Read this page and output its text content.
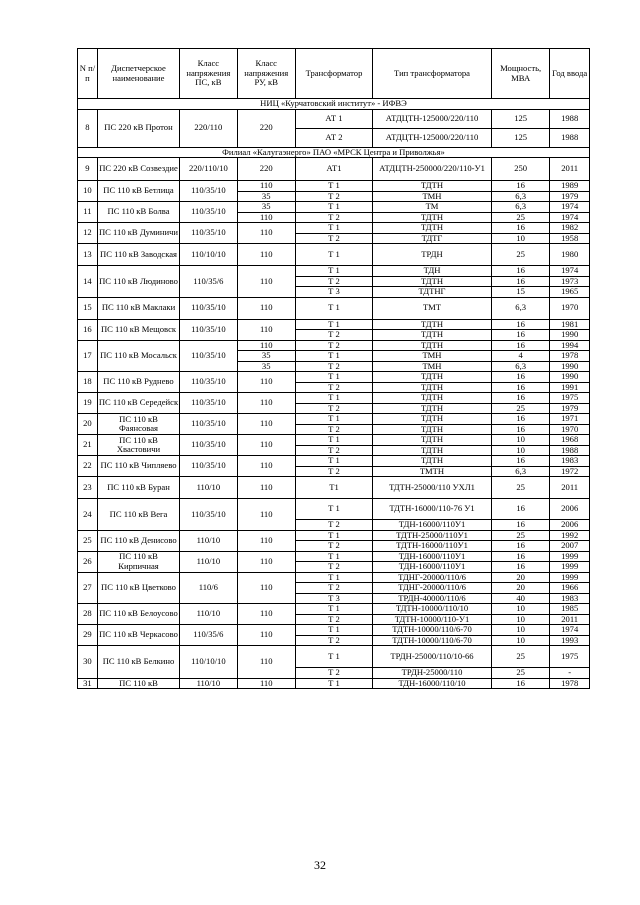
N п/п	Диспетчерское наименование	Класс напряжения ПС, кВ	Класс напряжения РУ, кВ	Трансформатор	Тип трансформатора	Мощность, МВА	Год ввода
НИЦ «Курчатовский институт» - ИФВЭ							
8	ПС 220 кВ Протон	220/110	220	АТ 1	АТДЦТН-125000/220/110	125	1988
				АТ 2	АТДЦТН-125000/220/110	125	1988
Филиал «Калугаэнерго» ПАО «МРСК Центра и Приволжья»							
9	ПС 220 кВ Созвездие	220/110/10	220	АТ1	АТДЦТН-250000/220/110-У1	250	2011
10	ПС 110 кВ Бетлица	110/35/10	110	Т 1	ТДТН	16	1989
			35	Т 2	ТМН	6,3	1979
11	ПС 110 кВ Болва	110/35/10	35	Т 1	ТМ	6,3	1974
			110	Т 2	ТДТН	25	1974
12	ПС 110 кВ Думиничи	110/35/10	110	Т 1	ТДТН	16	1982
				Т 2	ТДТГ	10	1958
13	ПС 110 кВ Заводская	110/10/10	110	Т 1	ТРДН	25	1980
14	ПС 110 кВ Людиново	110/35/6	110	Т 1	ТДН	16	1974
				Т 2	ТДТН	16	1973
				Т 3	ТДТНГ	15	1965
15	ПС 110 кВ Маклаки	110/35/10	110	Т 1	ТМТ	6,3	1970
16	ПС 110 кВ Мещовск	110/35/10	110	Т 1	ТДТН	16	1981
				Т 2	ТДТН	16	1990
17	ПС 110 кВ Мосальск	110/35/10	110	Т 2	ТДТН	16	1994
			35	Т 1	ТМН	4	1978
			35	Т 2	ТМН	6,3	1990
18	ПС 110 кВ Руднево	110/35/10	110	Т 1	ТДТН	16	1990
				Т 2	ТДТН	16	1991
19	ПС 110 кВ Середейск	110/35/10	110	Т 1	ТДТН	16	1975
				Т 2	ТДТН	25	1979
20	ПС 110 кВ Фаянсовая	110/35/10	110	Т 1	ТДТН	16	1971
				Т 2	ТДТН	16	1970
21	ПС 110 кВ Хвастовичи	110/35/10	110	Т 1	ТДТН	10	1968
				Т 2	ТДТН	10	1988
22	ПС 110 кВ Чипляево	110/35/10	110	Т 1	ТДТН	16	1983
				Т 2	ТМТН	6,3	1972
23	ПС 110 кВ Буран	110/10	110	Т1	ТДТН-25000/110 УХЛ1	25	2011
24	ПС 110 кВ Вега	110/35/10	110	Т 1	ТДТН-16000/110-76 У1	16	2006
				Т 2	ТДН-16000/110У1	16	2006
25	ПС 110 кВ Денисово	110/10	110	Т 1	ТДТН-25000/110У1	25	1992
				Т 2	ТДТН-16000/110У1	16	2007
26	ПС 110 кВ Кирпичная	110/10	110	Т 1	ТДН-16000/110У1	16	1999
				Т 2	ТДН-16000/110У1	16	1999
27	ПС 110 кВ Цветково	110/6	110	Т 1	ТДНГ-20000/110/6	20	1999
				Т 2	ТДНГ-20000/110/6	20	1966
				Т 3	ТРДН-40000/110/6	40	1983
28	ПС 110 кВ Белоусово	110/10	110	Т 1	ТДТН-10000/110/10	10	1985
				Т 2	ТДТН-10000/110-У1	10	2011
29	ПС 110 кВ Черкасово	110/35/6	110	Т 1	ТДТН-10000/110/6-70	10	1974
				Т 2	ТДТН-10000/110/6-70	10	1993
30	ПС 110 кВ Белкино	110/10/10	110	Т 1	ТРДН-25000/110/10-66	25	1975
				Т 2	ТРДН-25000/110	25	-
31	ПС 110 кВ	110/10	110	Т 1	ТДН-16000/110/10	16	1978
32
